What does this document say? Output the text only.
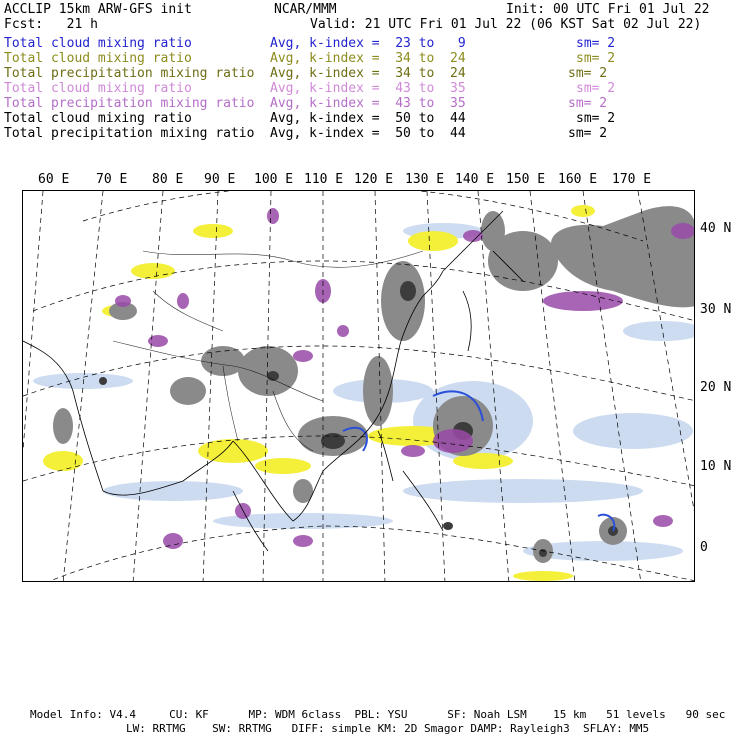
ACCLIP 15km ARW-GFS init	NCAR/MMM	Init: 00 UTC Fri 01 Jul 22
Fcst:   21 h	Valid: 21 UTC Fri 01 Jul 22 (06 KST Sat 02 Jul 22)
Total cloud mixing ratio	Avg, k-index =  23 to   9	sm= 2
Total cloud mixing ratio	Avg, k-index =  34 to  24	sm= 2
Total precipitation mixing ratio Avg, k-index =  34 to  24	sm= 2
Total cloud mixing ratio	Avg, k-index =  43 to  35	sm= 2
Total precipitation mixing ratio Avg, k-index =  43 to  35	sm= 2
Total cloud mixing ratio	Avg, k-index =  50 to  44	sm= 2
Total precipitation mixing ratio Avg, k-index =  50 to  44	sm= 2
60 E 70 E 80 E 90 E 100 E 110 E 120 E 130 E 140 E 150 E 160 E 170 E
40 N
30 N
20 N
10 N
0
Model Info: V4.4     CU: KF      MP: WDM 6class  PBL: YSU      SF: Noah LSM    15 km   51 levels   90 sec
LW: RRTMG    SW: RRTMG   DIFF: simple KM: 2D Smagor DAMP: Rayleigh3  SFLAY: MM5
